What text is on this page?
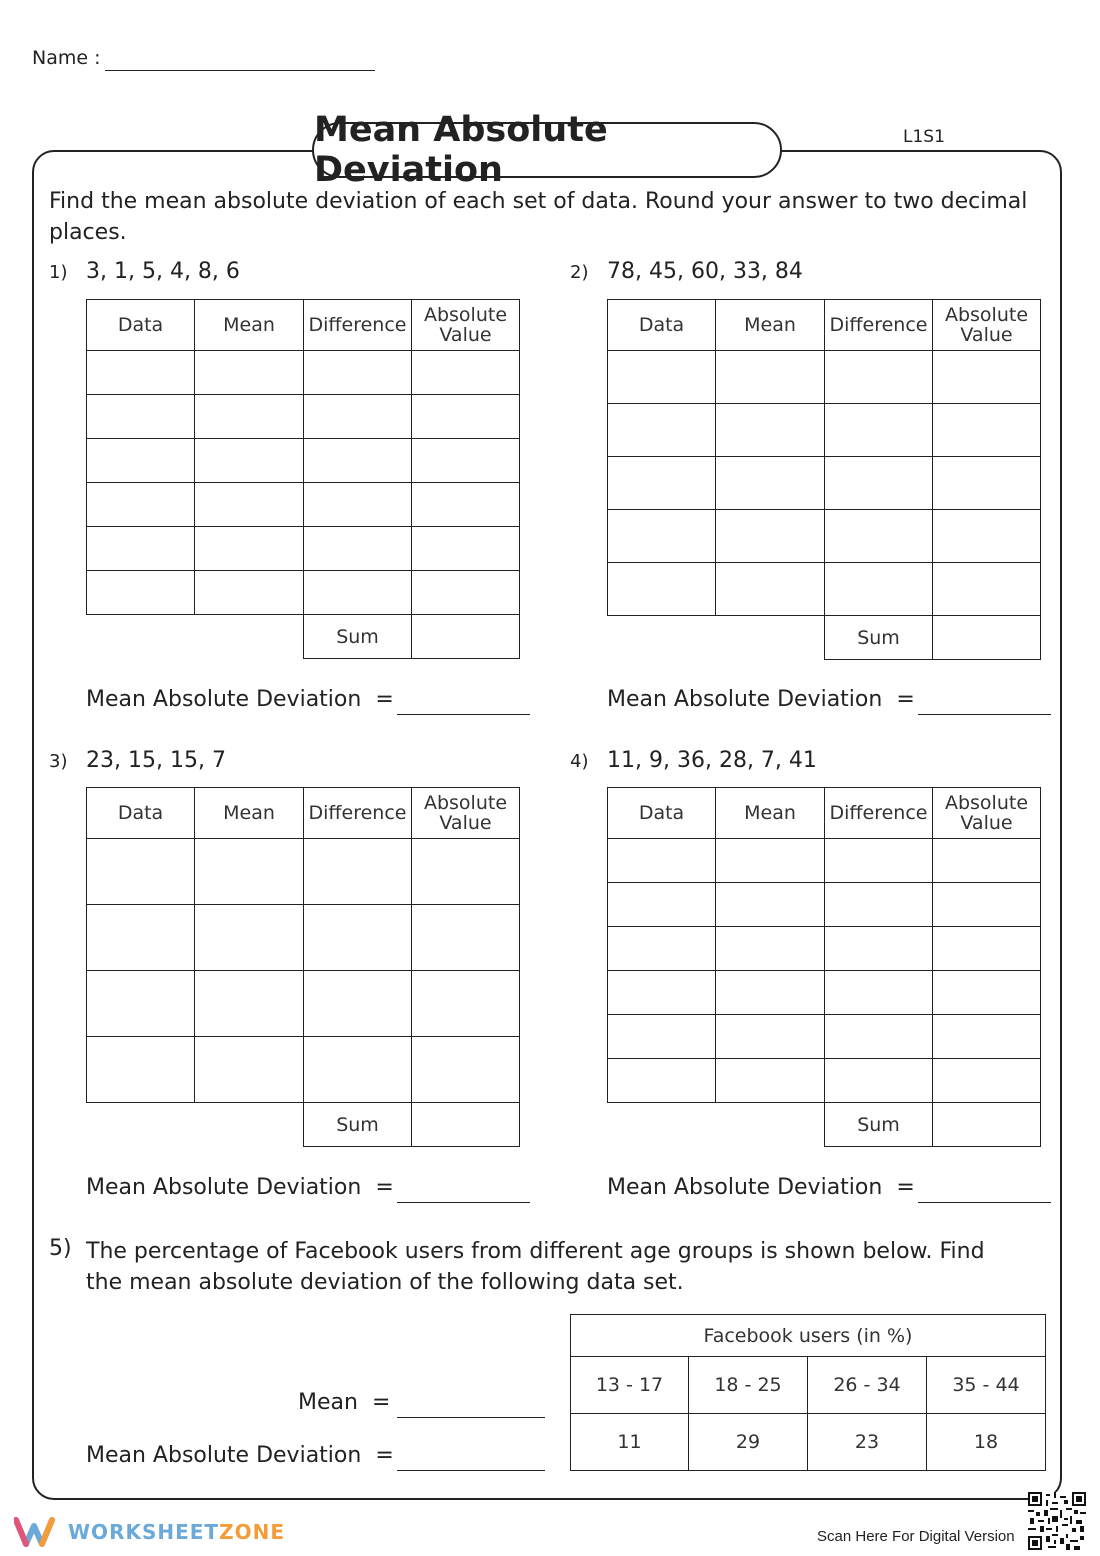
Name :
Mean Absolute Deviation
L1S1
Find the mean absolute deviation of each set of data. Round your answer to two decimal places.
1) 3, 1, 5, 4, 8, 6
Data	Mean	Difference	Absolute
Value

		Sum	
Mean Absolute Deviation =
2) 78, 45, 60, 33, 84
Data	Mean	Difference	Absolute
Value

		Sum	
Mean Absolute Deviation =
3) 23, 15, 15, 7
Data	Mean	Difference	Absolute
Value

		Sum	
Mean Absolute Deviation =
4) 11, 9, 36, 28, 7, 41
Data	Mean	Difference	Absolute
Value

		Sum	
Mean Absolute Deviation =
5) The percentage of Facebook users from different age groups is shown below. Find the mean absolute deviation of the following data set.
Mean =
Mean Absolute Deviation =
Facebook users (in %)			
13 - 17	18 - 25	26 - 34	35 - 44
11	29	23	18
WORKSHEETZONE	Scan Here For Digital Version
